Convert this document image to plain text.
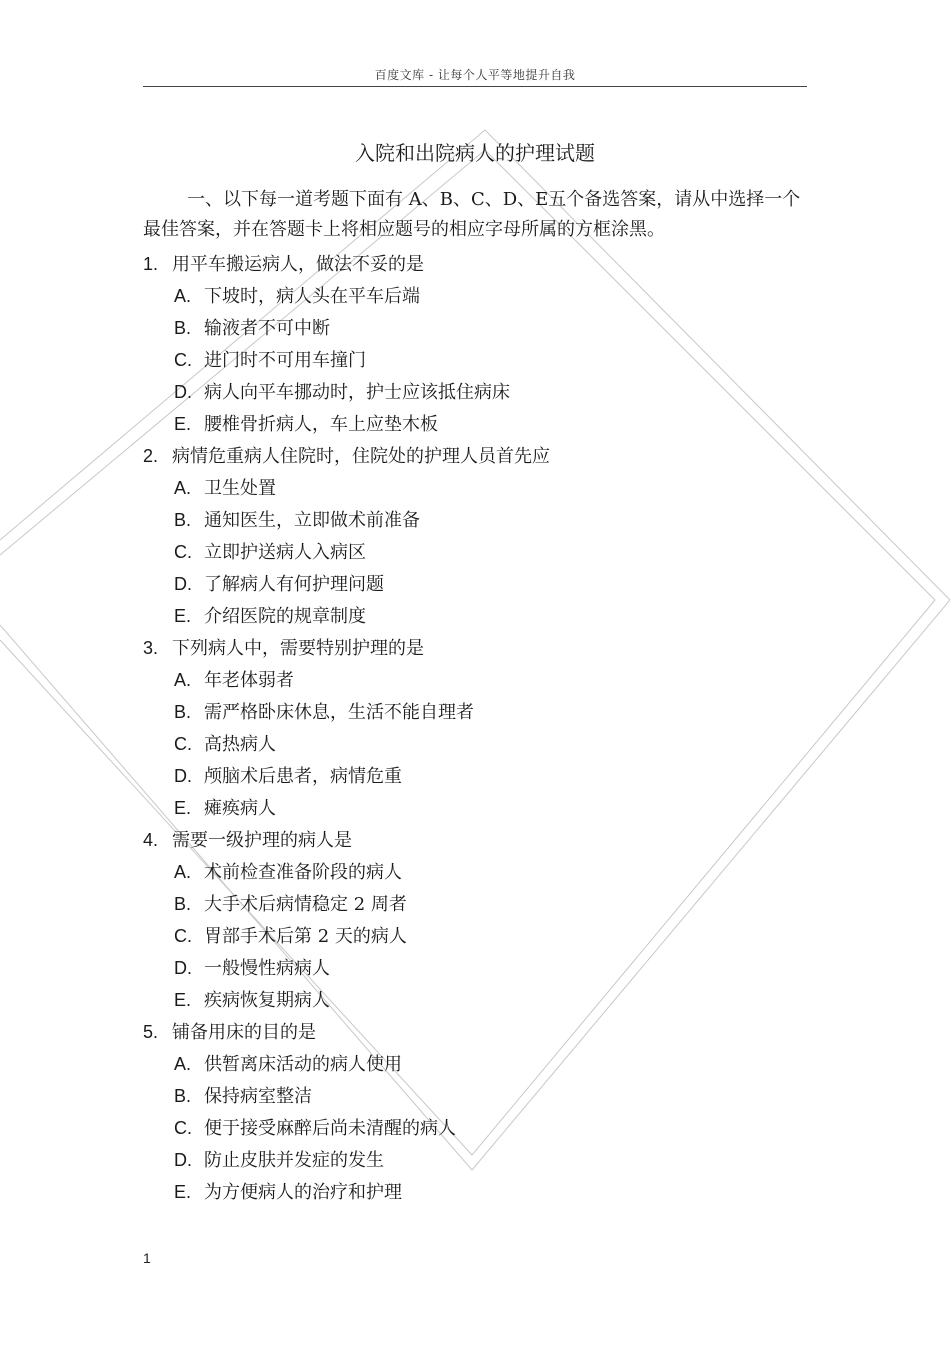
百度文库 - 让每个人平等地提升自我
入院和出院病人的护理试题

一、以下每一道考题下面有 A、B、C、D、E五个备选答案，请从中选择一个最佳答案，并在答题卡上将相应题号的相应字母所属的方框涂黑。

1. 用平车搬运病人，做法不妥的是
A. 下坡时，病人头在平车后端
B. 输液者不可中断
C. 进门时不可用车撞门
D. 病人向平车挪动时，护士应该抵住病床
E. 腰椎骨折病人，车上应垫木板
2. 病情危重病人住院时，住院处的护理人员首先应
A. 卫生处置
B. 通知医生，立即做术前准备
C. 立即护送病人入病区
D. 了解病人有何护理问题
E. 介绍医院的规章制度
3. 下列病人中，需要特别护理的是
A. 年老体弱者
B. 需严格卧床休息，生活不能自理者
C. 高热病人
D. 颅脑术后患者，病情危重
E. 瘫痪病人
4. 需要一级护理的病人是
A. 术前检查准备阶段的病人
B. 大手术后病情稳定 2 周者
C. 胃部手术后第 2 天的病人
D. 一般慢性病病人
E. 疾病恢复期病人
5. 铺备用床的目的是
A. 供暂离床活动的病人使用
B. 保持病室整洁
C. 便于接受麻醉后尚未清醒的病人
D. 防止皮肤并发症的发生
E. 为方便病人的治疗和护理
1
